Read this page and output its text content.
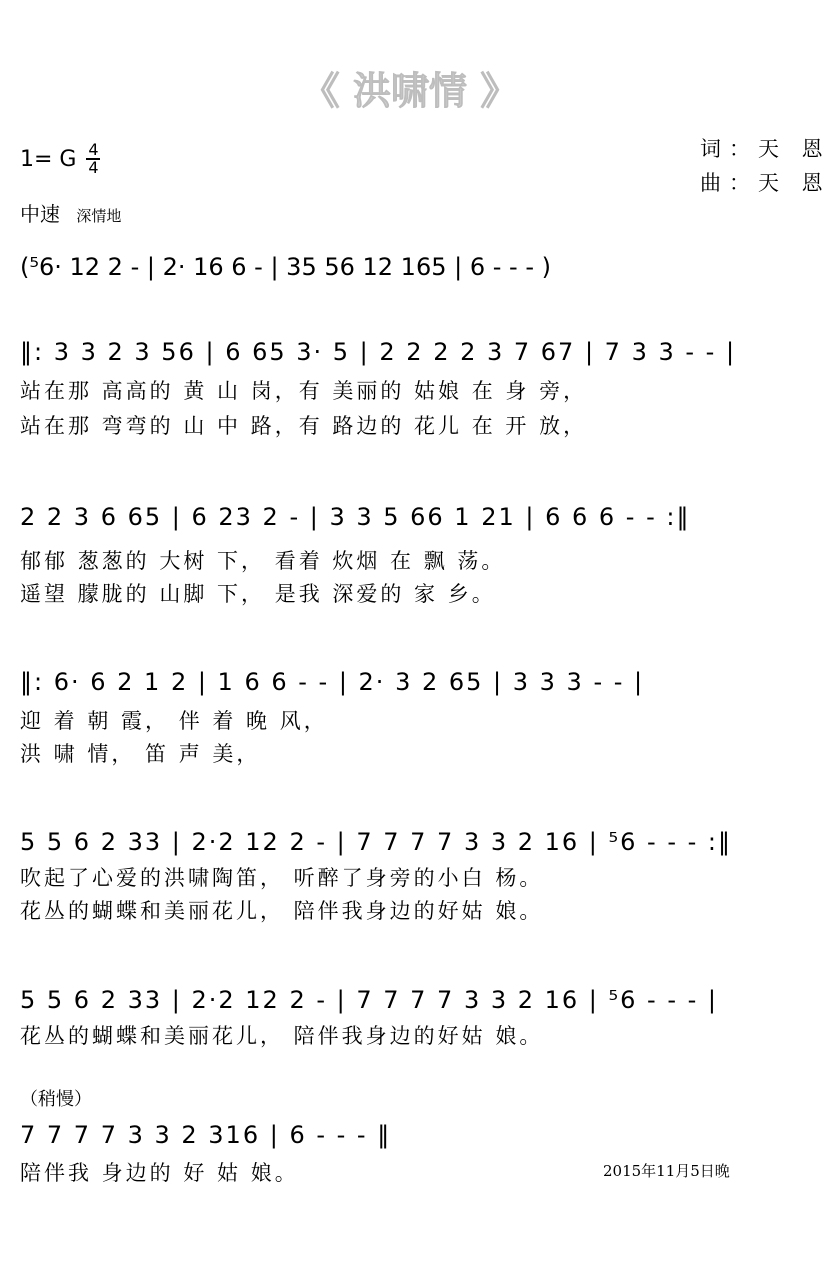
《 洪啸情 》
1= G $\frac{4}{4}$	词：天 恩
曲：天 恩
中速 深情地
(⁵6· 12 2 - | 2· 16 6 - | 35 56 12 165 | 6 - - - )
‖: 3 3 2 3 56 | 6 65 3· 5 | 2 2 2 2 3 7 67 | 7 3 3 - - |
站在那 高高的 黄 山 岗，有 美丽的 姑娘 在 身 旁，
站在那 弯弯的 山 中 路，有 路边的 花儿 在 开 放，
2 2 3 6 65 | 6 23 2 - | 3 3 5 66 1 21 | 6 6 6 - - :‖
郁郁 葱葱的 大树 下， 看着 炊烟 在 飘 荡。
遥望 朦胧的 山脚 下， 是我 深爱的 家 乡。
‖: 6· 6 2 1 2 | 1 6 6 - - | 2· 3 2 65 | 3 3 3 - - |
迎 着 朝 霞， 伴 着 晚 风，
洪 啸 情， 笛 声 美，
5 5 6 2 33 | 2·2 12 2 - | 7 7 7 7 3 3 2 16 | ⁵6 - - - :‖
吹起了心爱的洪啸陶笛， 听醉了身旁的小白 杨。
花丛的蝴蝶和美丽花儿， 陪伴我身边的好姑 娘。
5 5 6 2 33 | 2·2 12 2 - | 7 7 7 7 3 3 2 16 | ⁵6 - - - |
花丛的蝴蝶和美丽花儿， 陪伴我身边的好姑 娘。
（稍慢）
7 7 7 7 3 3 2 316 | 6 - - - ‖
陪伴我 身边的 好 姑 娘。	2015年11月5日晚
